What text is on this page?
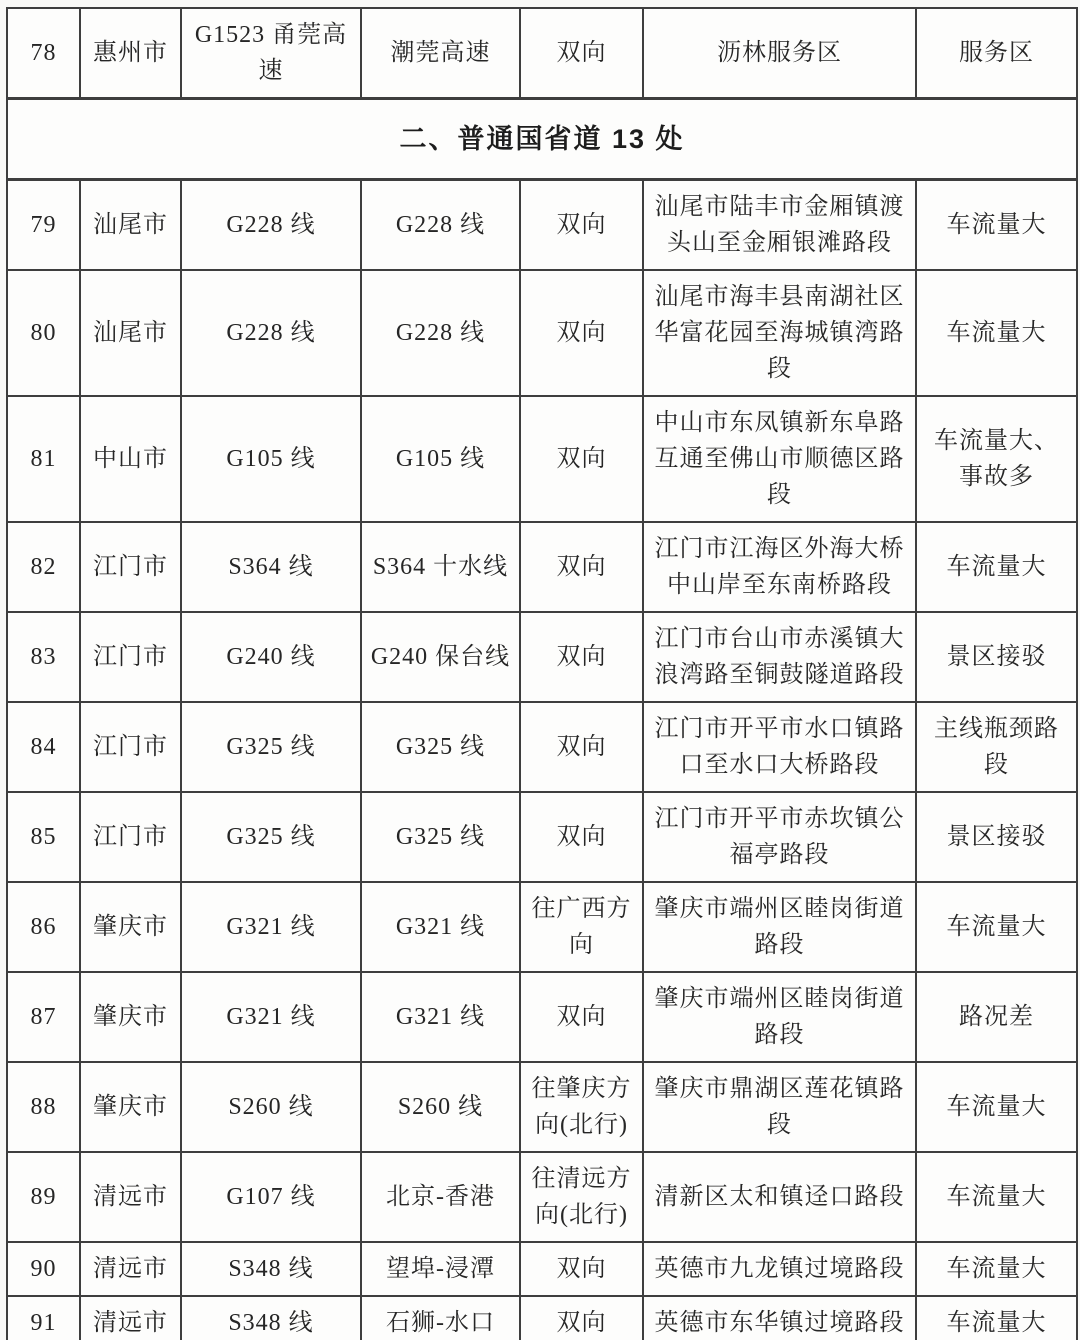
78	惠州市	G1523 甬莞高速	潮莞高速	双向	沥林服务区	服务区
二、普通国省道 13 处						
79	汕尾市	G228 线	G228 线	双向	汕尾市陆丰市金厢镇渡头山至金厢银滩路段	车流量大
80	汕尾市	G228 线	G228 线	双向	汕尾市海丰县南湖社区华富花园至海城镇湾路段	车流量大
81	中山市	G105 线	G105 线	双向	中山市东凤镇新东阜路互通至佛山市顺德区路段	车流量大、事故多
82	江门市	S364 线	S364 十水线	双向	江门市江海区外海大桥中山岸至东南桥路段	车流量大
83	江门市	G240 线	G240 保台线	双向	江门市台山市赤溪镇大浪湾路至铜鼓隧道路段	景区接驳
84	江门市	G325 线	G325 线	双向	江门市开平市水口镇路口至水口大桥路段	主线瓶颈路段
85	江门市	G325 线	G325 线	双向	江门市开平市赤坎镇公福亭路段	景区接驳
86	肇庆市	G321 线	G321 线	往广西方向	肇庆市端州区睦岗街道路段	车流量大
87	肇庆市	G321 线	G321 线	双向	肇庆市端州区睦岗街道路段	路况差
88	肇庆市	S260 线	S260 线	往肇庆方向(北行)	肇庆市鼎湖区莲花镇路段	车流量大
89	清远市	G107 线	北京-香港	往清远方向(北行)	清新区太和镇迳口路段	车流量大
90	清远市	S348 线	望埠-浸潭	双向	英德市九龙镇过境路段	车流量大
91	清远市	S348 线	石狮-水口	双向	英德市东华镇过境路段	车流量大
